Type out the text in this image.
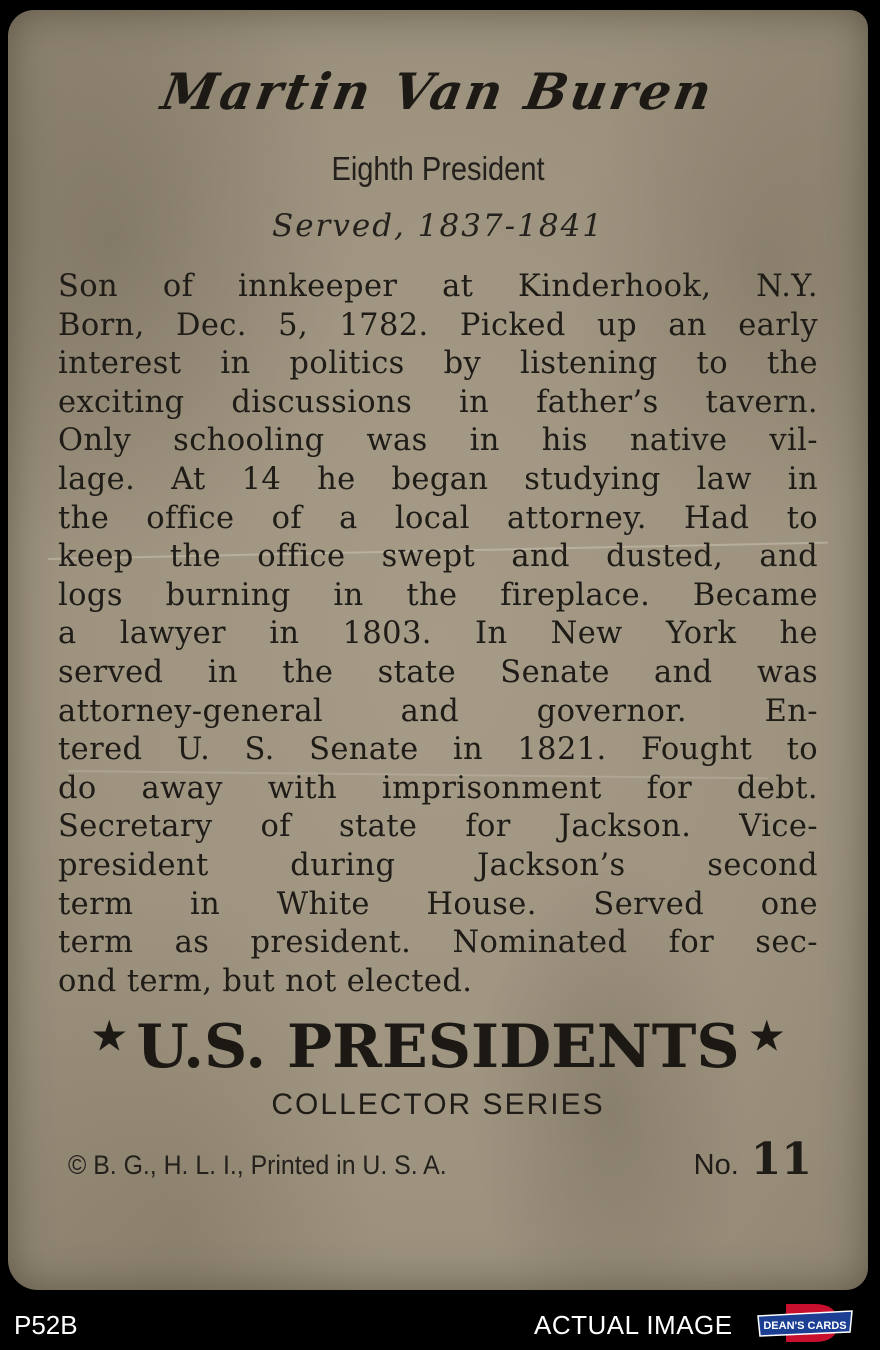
Martin Van Buren
Eighth President
Served, 1837-1841
Son of innkeeper at Kinderhook, N.Y.
Born, Dec. 5, 1782. Picked up an early
interest in politics by listening to the
exciting discussions in father’s tavern.
Only schooling was in his native vil-
lage. At 14 he began studying law in
the office of a local attorney. Had to
keep the office swept and dusted, and
logs burning in the fireplace. Became
a lawyer in 1803. In New York he
served in the state Senate and was
attorney-general and governor. En-
tered U. S. Senate in 1821. Fought to
do away with imprisonment for debt.
Secretary of state for Jackson. Vice-
president during Jackson’s second
term in White House. Served one
term as president. Nominated for sec-
ond term, but not elected.
★ U.S. PRESIDENTS ★
COLLECTOR SERIES
© B. G., H. L. I., Printed in U. S. A.	No. 11
P52B	ACTUAL IMAGE	DEAN'S CARDS
